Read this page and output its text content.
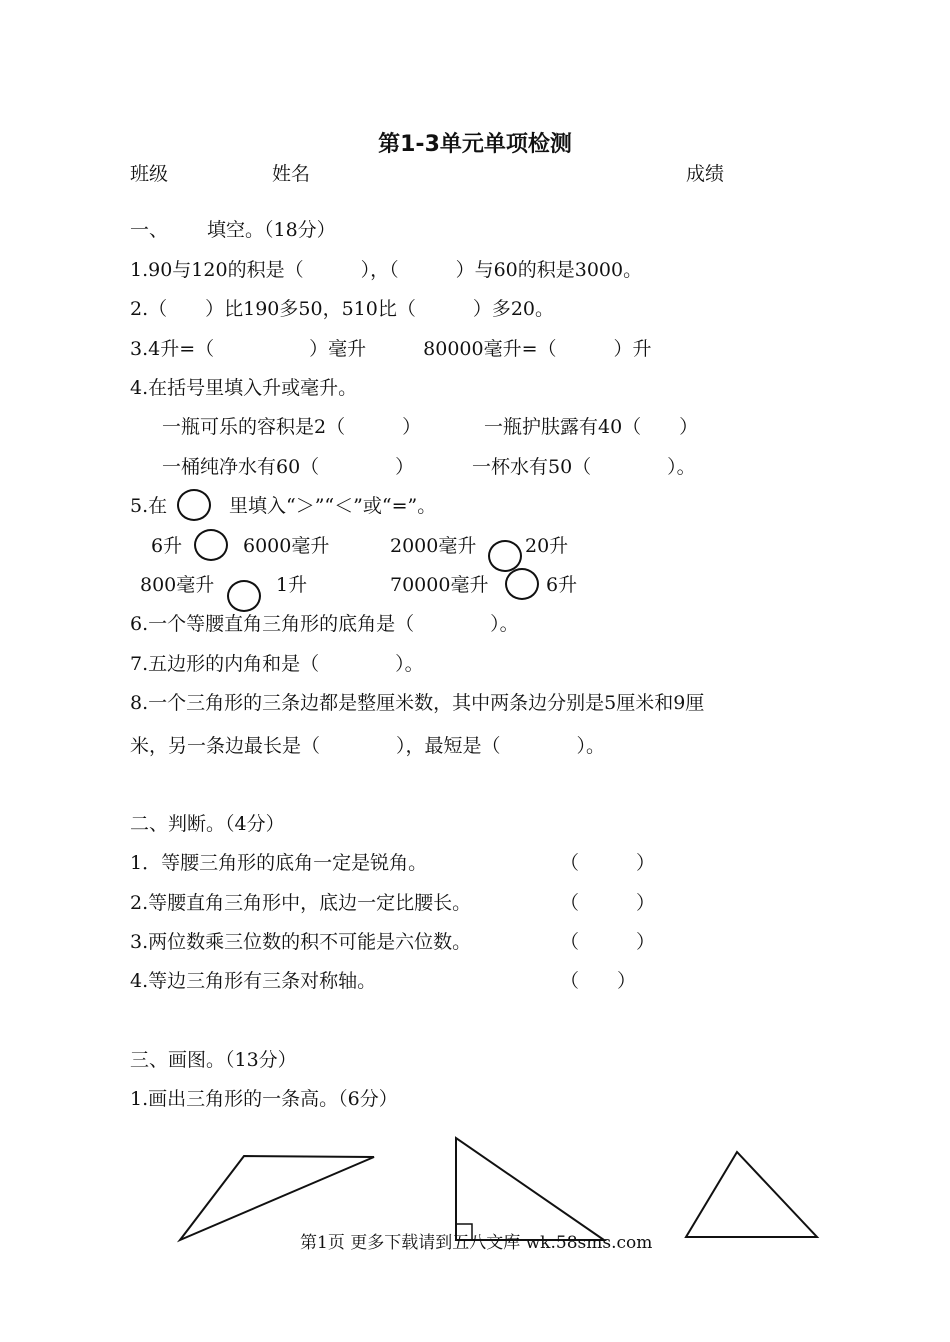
第1-3单元单项检测
班级	姓名	成绩
一、 填空。（18分）
1.90与120的积是（　　　），（　　　）与60的积是3000。
2.（　　）比190多50，510比（　　　）多20。
3.4升=（　　　　　）毫升　　　80000毫升=（　　　）升
4.在括号里填入升或毫升。
一瓶可乐的容积是2（　　　）	一瓶护肤露有40（　　）
一桶纯净水有60（　　　　）	一杯水有50（　　　　）。
5.在	里填入“＞”“＜”或“=”。
6升	6000毫升	2000毫升	20升
800毫升	1升	70000毫升	6升
6.一个等腰直角三角形的底角是（　　　　）。
7.五边形的内角和是（　　　　）。
8.一个三角形的三条边都是整厘米数，其中两条边分别是5厘米和9厘
米，另一条边最长是（　　　　），最短是（　　　　）。
二、判断。（4分）
1．等腰三角形的底角一定是锐角。	（　　　）
2.等腰直角三角形中，底边一定比腰长。	（　　　）
3.两位数乘三位数的积不可能是六位数。	（　　　）
4.等边三角形有三条对称轴。	（　　）
三、画图。（13分）
1.画出三角形的一条高。（6分）
第1页 更多下载请到五八文库 wk.58sms.com
